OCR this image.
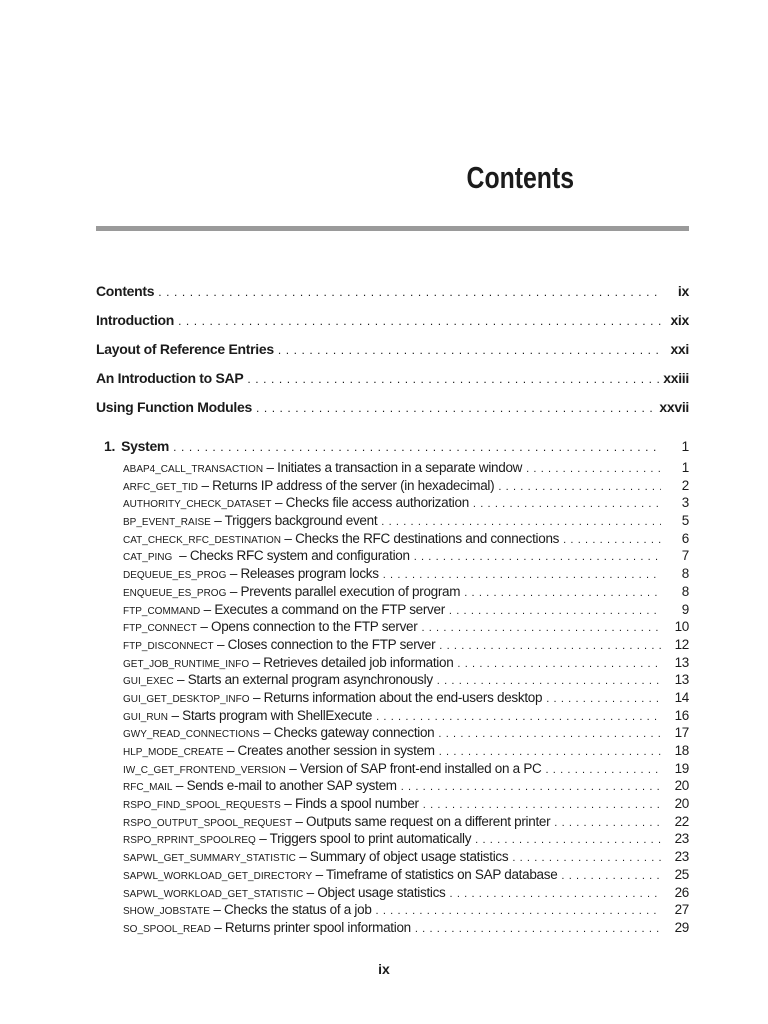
Contents
Contents . . .	ix
Introduction . . .	xix
Layout of Reference Entries . . .	xxi
An Introduction to SAP . . .	xxiii
Using Function Modules . . .	xxvii
1. System . . .	1
ABAP4_CALL_TRANSACTION – Initiates a transaction in a separate window . . .	1
ARFC_GET_TID – Returns IP address of the server (in hexadecimal) . . .	2
AUTHORITY_CHECK_DATASET – Checks file access authorization . . .	3
BP_EVENT_RAISE – Triggers background event . . .	5
CAT_CHECK_RFC_DESTINATION – Checks the RFC destinations and connections . . .	6
CAT_PING – Checks RFC system and configuration . . .	7
DEQUEUE_ES_PROG – Releases program locks . . .	8
ENQUEUE_ES_PROG – Prevents parallel execution of program . . .	8
FTP_COMMAND – Executes a command on the FTP server . . .	9
FTP_CONNECT – Opens connection to the FTP server . . .	10
FTP_DISCONNECT – Closes connection to the FTP server . . .	12
GET_JOB_RUNTIME_INFO – Retrieves detailed job information . . .	13
GUI_EXEC – Starts an external program asynchronously . . .	13
GUI_GET_DESKTOP_INFO – Returns information about the end-users desktop . . .	14
GUI_RUN – Starts program with ShellExecute . . .	16
GWY_READ_CONNECTIONS – Checks gateway connection . . .	17
HLP_MODE_CREATE – Creates another session in system . . .	18
IW_C_GET_FRONTEND_VERSION – Version of SAP front-end installed on a PC . . .	19
RFC_MAIL – Sends e-mail to another SAP system . . .	20
RSPO_FIND_SPOOL_REQUESTS – Finds a spool number . . .	20
RSPO_OUTPUT_SPOOL_REQUEST – Outputs same request on a different printer . . .	22
RSPO_RPRINT_SPOOLREQ – Triggers spool to print automatically . . .	23
SAPWL_GET_SUMMARY_STATISTIC – Summary of object usage statistics . . .	23
SAPWL_WORKLOAD_GET_DIRECTORY – Timeframe of statistics on SAP database . . .	25
SAPWL_WORKLOAD_GET_STATISTIC – Object usage statistics . . .	26
SHOW_JOBSTATE – Checks the status of a job . . .	27
SO_SPOOL_READ – Returns printer spool information . . .	29
ix
